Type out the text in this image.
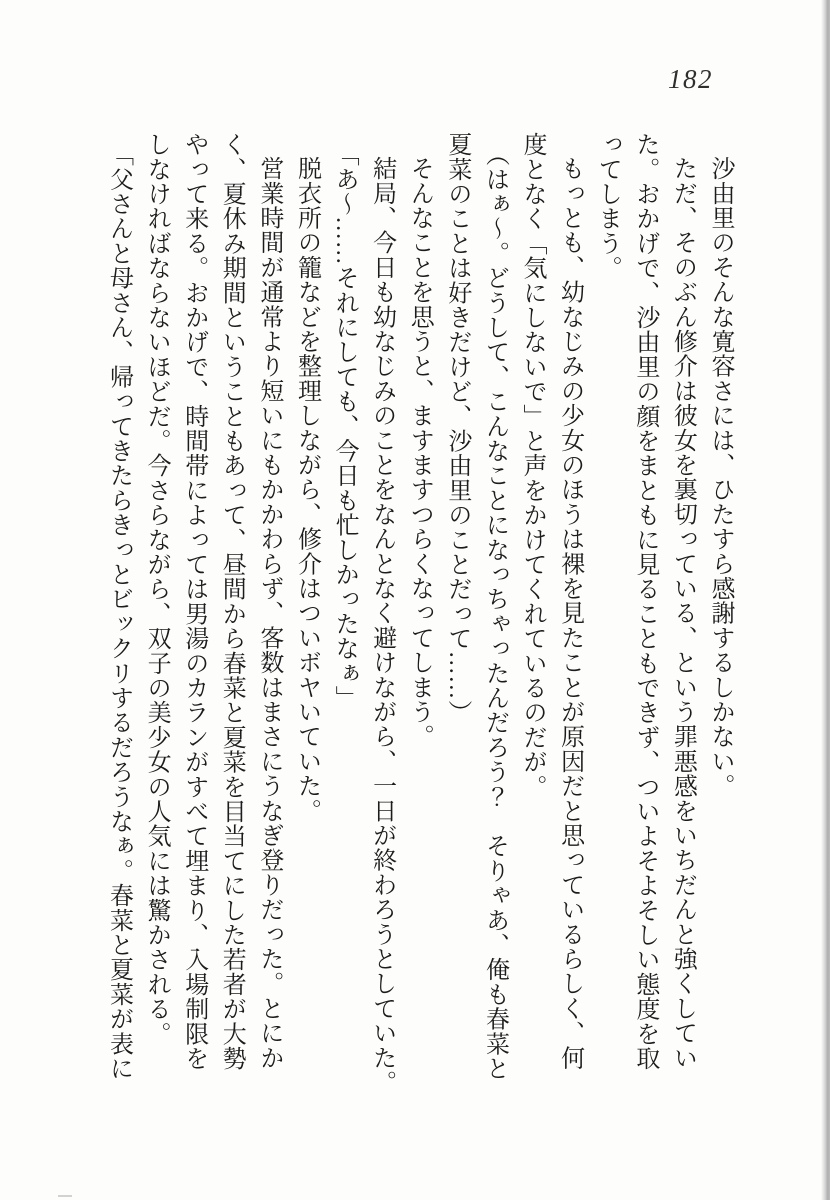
182

沙由里のそんな寛容さには、ひたすら感謝するしかない。

ただ、そのぶん修介は彼女を裏切っている、という罪悪感をいちだんと強くしてい

た。おかげで、沙由里の顔をまともに見ることもできず、ついよそよそしい態度を取

ってしまう。

もっとも、幼なじみの少女のほうは裸を見たことが原因だと思っているらしく、何

度となく「気にしないで」と声をかけてくれているのだが。

（はぁ～。どうして、こんなことになっちゃったんだろう？　そりゃあ、俺も春菜と

夏菜のことは好きだけど、沙由里のことだって……）

そんなことを思うと、ますますつらくなってしまう。

結局、今日も幼なじみのことをなんとなく避けながら、一日が終わろうとしていた。

「あ～……それにしても、今日も忙しかったなぁ」

脱衣所の籠などを整理しながら、修介はついボヤいていた。

営業時間が通常より短いにもかかわらず、客数はまさにうなぎ登りだった。とにか

く、夏休み期間ということもあって、昼間から春菜と夏菜を目当てにした若者が大勢

やって来る。おかげで、時間帯によっては男湯のカランがすべて埋まり、入場制限を

しなければならないほどだ。今さらながら、双子の美少女の人気には驚かされる。

「父さんと母さん、帰ってきたらきっとビックリするだろうなぁ。春菜と夏菜が表に
